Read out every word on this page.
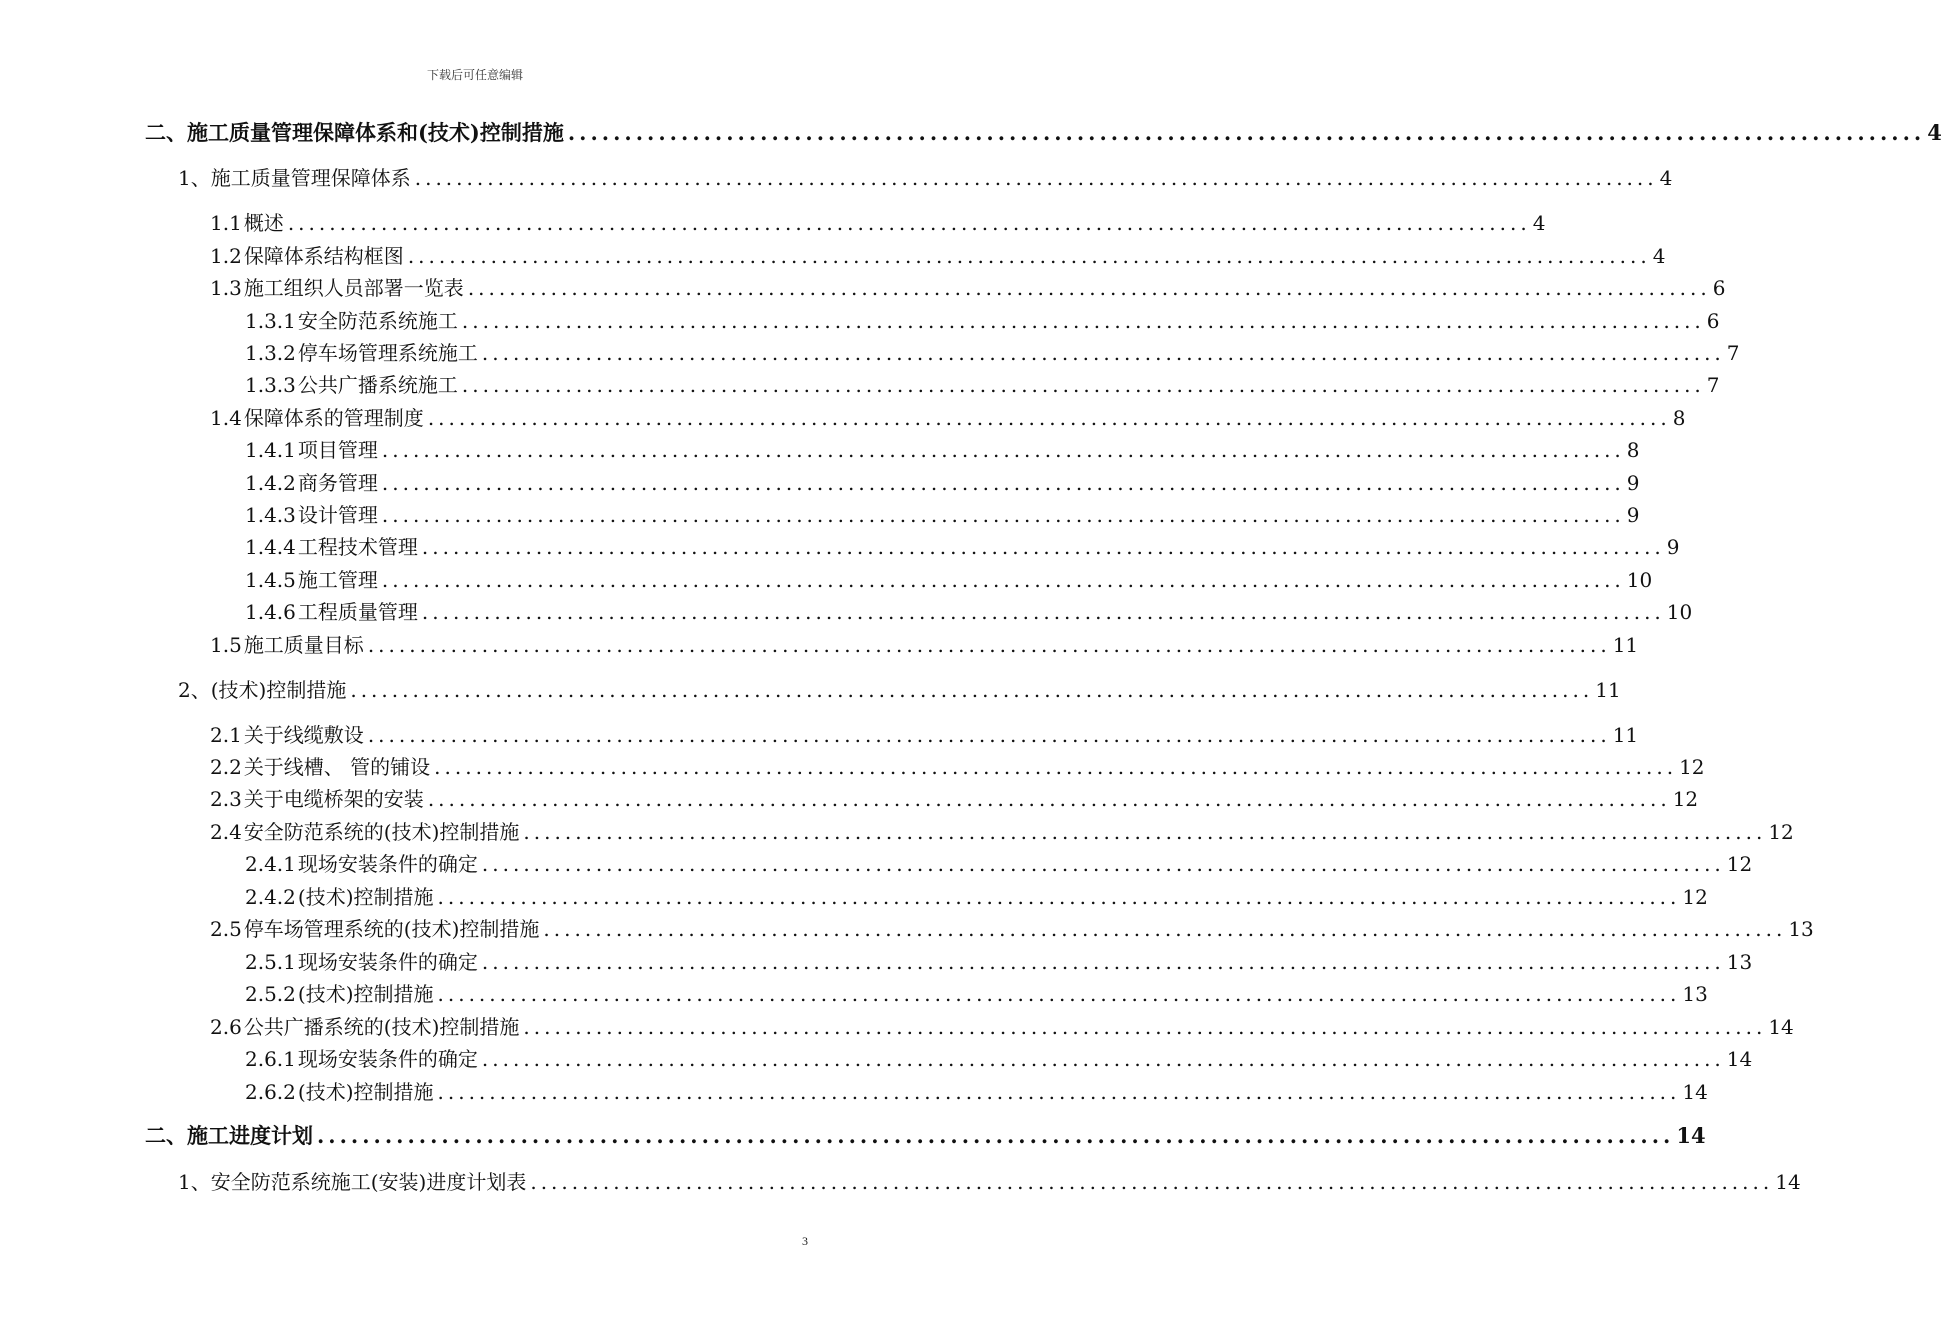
下载后可任意编辑
二、 施工质量管理保障体系和(技术)控制措施 ........................................................................................................................ 4
1、 施工质量管理保障体系 ........................................................................................................................ 4
1.1 概述 ........................................................................................................................ 4
1.2 保障体系结构框图 ........................................................................................................................ 4
1.3 施工组织人员部署一览表 ........................................................................................................................ 6
1.3.1 安全防范系统施工 ........................................................................................................................ 6
1.3.2 停车场管理系统施工 ........................................................................................................................ 7
1.3.3 公共广播系统施工 ........................................................................................................................ 7
1.4 保障体系的管理制度 ........................................................................................................................ 8
1.4.1 项目管理 ........................................................................................................................ 8
1.4.2 商务管理 ........................................................................................................................ 9
1.4.3 设计管理 ........................................................................................................................ 9
1.4.4 工程技术管理 ........................................................................................................................ 9
1.4.5 施工管理 ........................................................................................................................ 10
1.4.6 工程质量管理 ........................................................................................................................ 10
1.5 施工质量目标 ........................................................................................................................ 11
2、 (技术)控制措施 ........................................................................................................................ 11
2.1 关于线缆敷设 ........................................................................................................................ 11
2.2 关于线槽、 管的铺设 ........................................................................................................................ 12
2.3 关于电缆桥架的安装 ........................................................................................................................ 12
2.4 安全防范系统的(技术)控制措施 ........................................................................................................................ 12
2.4.1 现场安装条件的确定 ........................................................................................................................ 12
2.4.2 (技术)控制措施 ........................................................................................................................ 12
2.5 停车场管理系统的(技术)控制措施 ........................................................................................................................ 13
2.5.1 现场安装条件的确定 ........................................................................................................................ 13
2.5.2 (技术)控制措施 ........................................................................................................................ 13
2.6 公共广播系统的(技术)控制措施 ........................................................................................................................ 14
2.6.1 现场安装条件的确定 ........................................................................................................................ 14
2.6.2 (技术)控制措施 ........................................................................................................................ 14
二、 施工进度计划 ........................................................................................................................ 14
1、 安全防范系统施工(安装)进度计划表 ........................................................................................................................ 14
3
